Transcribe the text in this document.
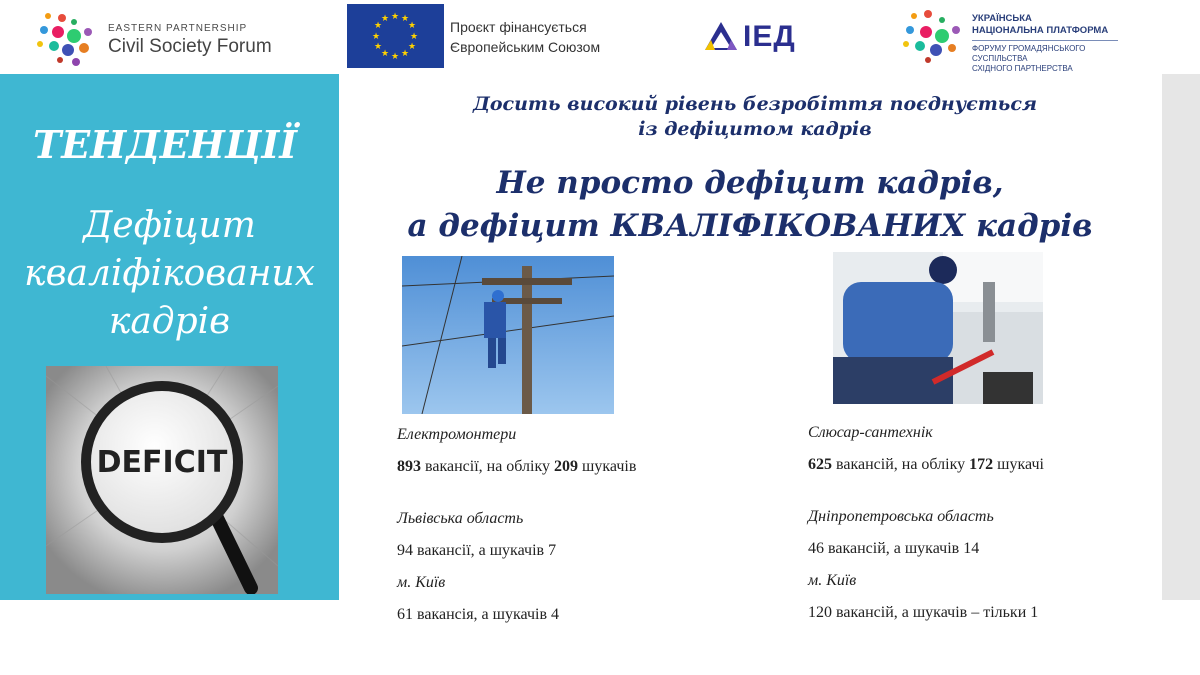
EASTERN PARTNERSHIP
Civil Society Forum
★ ★
★
★
★
★
★
★
★
★
★
★	Проєкт фінансується
Європейським Союзом	ІЕД
УКРАЇНСЬКА
НАЦІОНАЛЬНА ПЛАТФОРМА
ФОРУМУ ГРОМАДЯНСЬКОГО СУСПІЛЬСТВА
СХІДНОГО ПАРТНЕРСТВА
ТЕНДЕНЦІЇ
Дефіцит
кваліфікованих
кадрів
DEFICIT
Досить високий рівень безробіття поєднується
із дефіцитом кадрів
Не просто дефіцит кадрів,
а дефіцит КВАЛІФІКОВАНИХ кадрів
Електромонтери
893 вакансії, на обліку 209 шукачів
Львівська область
94 вакансії, а шукачів 7
м. Київ
61 вакансія, а шукачів 4
Слюсар-сантехнік
625 вакансій, на обліку 172 шукачі
Дніпропетровська область
46 вакансій, а шукачів 14
м. Київ
120 вакансій, а шукачів – тільки 1
